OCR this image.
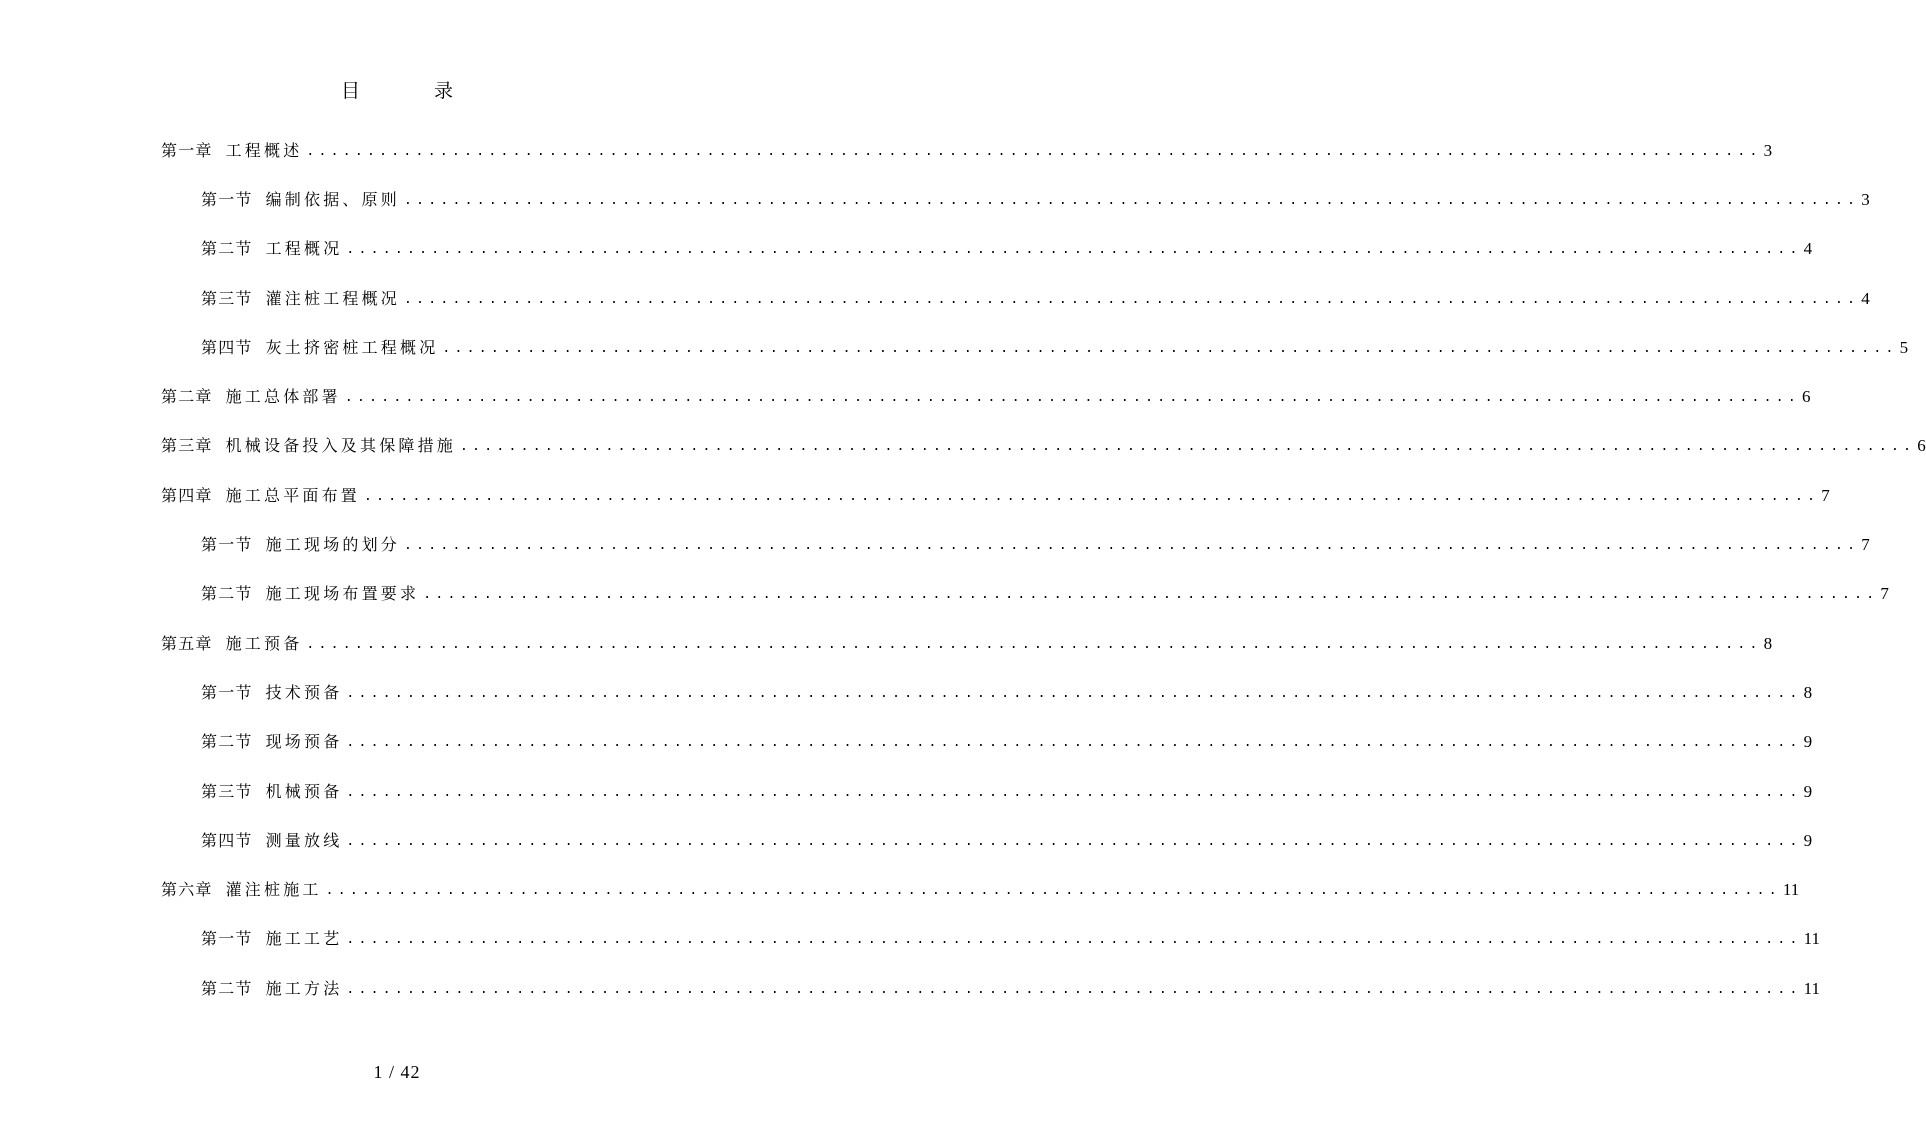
目 录
第一章 工程概述 ........................................................................................................................ 3
第一节 编制依据、原则 ........................................................................................................................ 3
第二节 工程概况 ........................................................................................................................ 4
第三节 灌注桩工程概况 ........................................................................................................................ 4
第四节 灰土挤密桩工程概况 ........................................................................................................................ 5
第二章 施工总体部署 ........................................................................................................................ 6
第三章 机械设备投入及其保障措施 ........................................................................................................................ 6
第四章 施工总平面布置 ........................................................................................................................ 7
第一节 施工现场的划分 ........................................................................................................................ 7
第二节 施工现场布置要求 ........................................................................................................................ 7
第五章 施工预备 ........................................................................................................................ 8
第一节 技术预备 ........................................................................................................................ 8
第二节 现场预备 ........................................................................................................................ 9
第三节 机械预备 ........................................................................................................................ 9
第四节 测量放线 ........................................................................................................................ 9
第六章 灌注桩施工 ........................................................................................................................ 11
第一节 施工工艺 ........................................................................................................................ 11
第二节 施工方法 ........................................................................................................................ 11
1 / 42
